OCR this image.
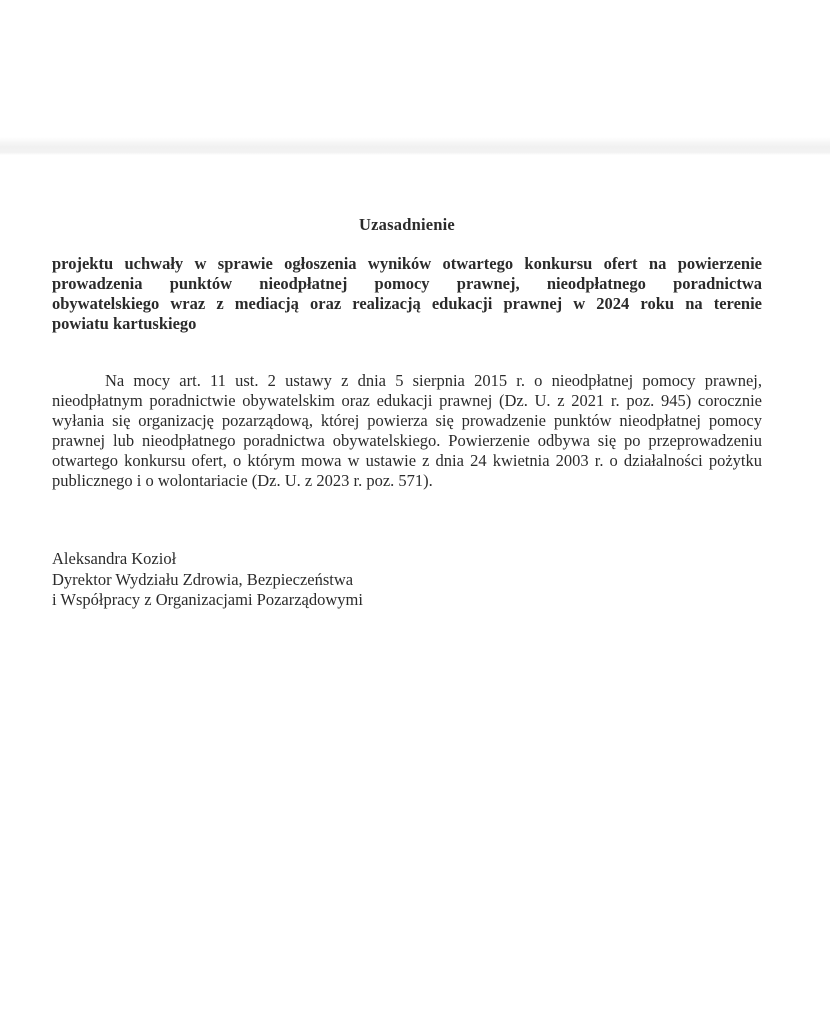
Uzasadnienie
projektu uchwały w sprawie ogłoszenia wyników otwartego konkursu ofert na powierzenie
prowadzenia punktów nieodpłatnej pomocy prawnej, nieodpłatnego poradnictwa
obywatelskiego wraz z mediacją oraz realizacją edukacji prawnej w 2024 roku na terenie
powiatu kartuskiego
Na mocy art. 11 ust. 2 ustawy z dnia 5 sierpnia 2015 r. o nieodpłatnej pomocy prawnej,
nieodpłatnym poradnictwie obywatelskim oraz edukacji prawnej (Dz. U. z 2021 r. poz. 945) corocznie
wyłania się organizację pozarządową, której powierza się prowadzenie punktów nieodpłatnej pomocy
prawnej lub nieodpłatnego poradnictwa obywatelskiego. Powierzenie odbywa się po przeprowadzeniu
otwartego konkursu ofert, o którym mowa w ustawie z dnia 24 kwietnia 2003 r. o działalności pożytku
publicznego i o wolontariacie (Dz. U. z 2023 r. poz. 571).
Aleksandra Kozioł
Dyrektor Wydziału Zdrowia, Bezpieczeństwa
i Współpracy z Organizacjami Pozarządowymi
